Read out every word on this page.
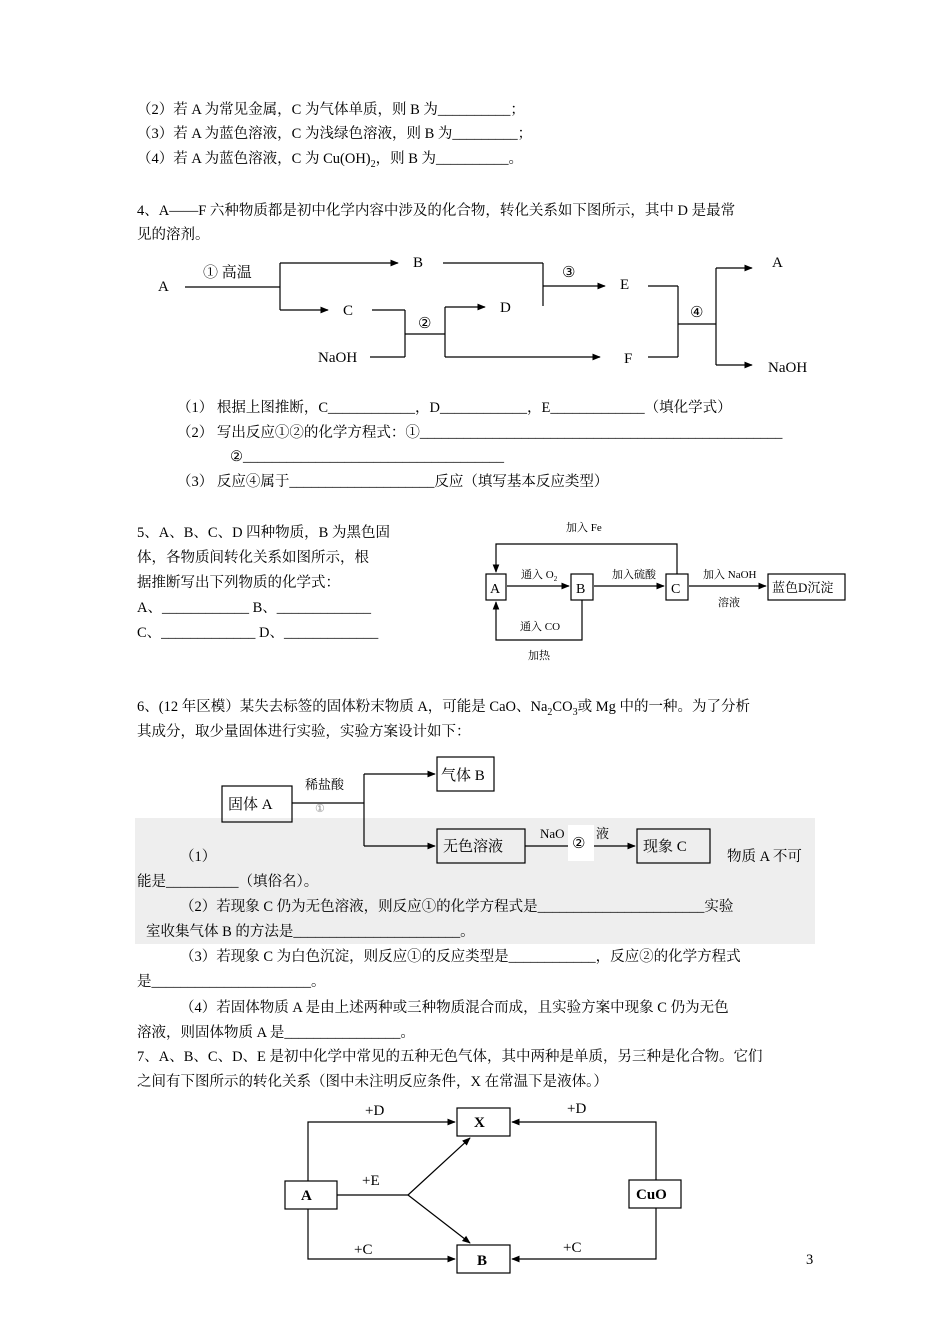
（2）若 A 为常见金属，C 为气体单质，则 B 为__________；
（3）若 A 为蓝色溶液，C 为浅绿色溶液，则 B 为_________；
（4）若 A 为蓝色溶液，C 为 $Cu(OH)_2$，则 B 为__________。
4、A——F 六种物质都是初中化学内容中涉及的化合物，转化关系如下图所示，其中 D 是最常
见的溶剂。
A
① 高温
B
C
②
NaOH
D
③
E
F
④
A
NaOH
加入 Fe
A
通入 $O_2$
B
加入硫酸
C
加入 NaOH
溶液
蓝色D沉淀
通入 CO
加热
固体 A
稀盐酸
①
气体 B
无色溶液
NaO 液
②	现象 C
A
X
B
CuO
+D	+D
+E
+C	+C
（1） 根据上图推断，C____________，D____________，E_____________（填化学式）
（2） 写出反应①②的化学方程式：①__________________________________________________
②____________________________________
（3） 反应④属于____________________反应（填写基本反应类型）
5、A、B、C、D 四种物质，B 为黑色固
体，各物质间转化关系如图所示，根
据推断写出下列物质的化学式：
A、____________ B、_____________
C、_____________ D、_____________
6、(12 年区模）某失去标签的固体粉末物质 A，可能是 CaO、$Na_2CO_3$或 Mg 中的一种。为了分析
其成分，取少量固体进行实验，实验方案设计如下：
（1）	物质 A 不可
能是__________（填俗名）。
（2）若现象 C 仍为无色溶液，则反应①的化学方程式是_______________________实验
室收集气体 B 的方法是_______________________。
（3）若现象 C 为白色沉淀，则反应①的反应类型是____________，反应②的化学方程式
是______________________。
（4）若固体物质 A 是由上述两种或三种物质混合而成，且实验方案中现象 C 仍为无色
溶液，则固体物质 A 是________________。
7、A、B、C、D、E 是初中化学中常见的五种无色气体，其中两种是单质，另三种是化合物。它们
之间有下图所示的转化关系（图中未注明反应条件，X 在常温下是液体。）
3
